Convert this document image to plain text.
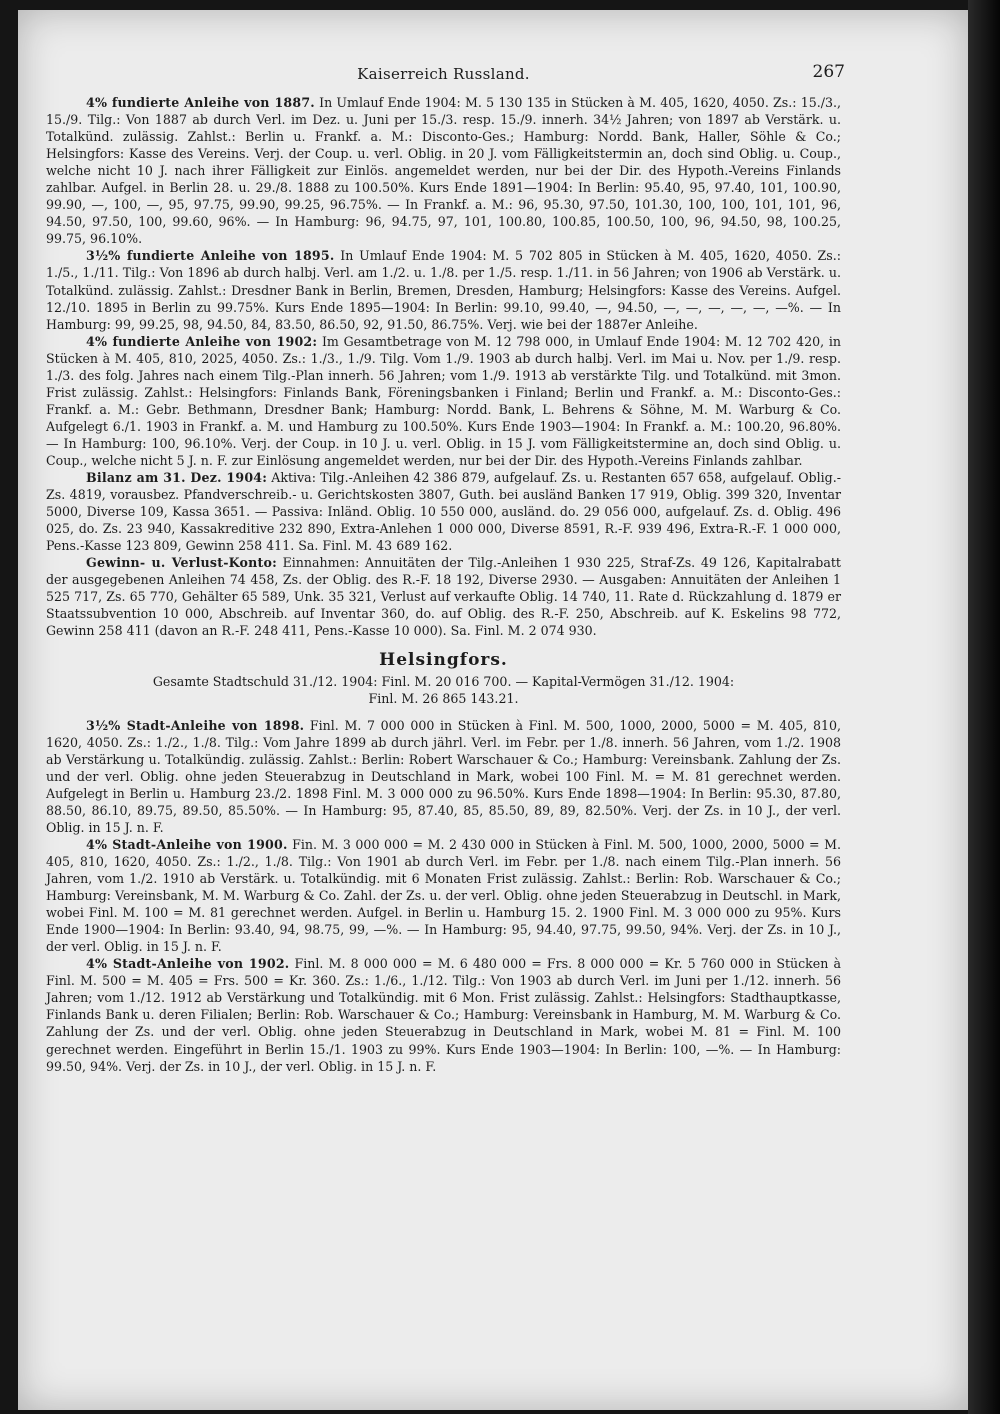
Kaiserreich Russland.	267

4% fundierte Anleihe von 1887. In Umlauf Ende 1904: M. 5 130 135 in Stücken à M. 405, 1620, 4050. Zs.: 15./3., 15./9. Tilg.: Von 1887 ab durch Verl. im Dez. u. Juni per 15./3. resp. 15./9. innerh. 34½ Jahren; von 1897 ab Verstärk. u. Totalkünd. zulässig. Zahlst.: Berlin u. Frankf. a. M.: Disconto-Ges.; Hamburg: Nordd. Bank, Haller, Söhle & Co.; Helsingfors: Kasse des Vereins. Verj. der Coup. u. verl. Oblig. in 20 J. vom Fälligkeitstermin an, doch sind Oblig. u. Coup., welche nicht 10 J. nach ihrer Fälligkeit zur Einlös. angemeldet werden, nur bei der Dir. des Hypoth.-Vereins Finlands zahlbar. Aufgel. in Berlin 28. u. 29./8. 1888 zu 100.50%. Kurs Ende 1891—1904: In Berlin: 95.40, 95, 97.40, 101, 100.90, 99.90, —, 100, —, 95, 97.75, 99.90, 99.25, 96.75%. — In Frankf. a. M.: 96, 95.30, 97.50, 101.30, 100, 100, 101, 101, 96, 94.50, 97.50, 100, 99.60, 96%. — In Hamburg: 96, 94.75, 97, 101, 100.80, 100.85, 100.50, 100, 96, 94.50, 98, 100.25, 99.75, 96.10%.

3½% fundierte Anleihe von 1895. In Umlauf Ende 1904: M. 5 702 805 in Stücken à M. 405, 1620, 4050. Zs.: 1./5., 1./11. Tilg.: Von 1896 ab durch halbj. Verl. am 1./2. u. 1./8. per 1./5. resp. 1./11. in 56 Jahren; von 1906 ab Verstärk. u. Totalkünd. zulässig. Zahlst.: Dresdner Bank in Berlin, Bremen, Dresden, Hamburg; Helsingfors: Kasse des Vereins. Aufgel. 12./10. 1895 in Berlin zu 99.75%. Kurs Ende 1895—1904: In Berlin: 99.10, 99.40, —, 94.50, —, —, —, —, —, —%. — In Hamburg: 99, 99.25, 98, 94.50, 84, 83.50, 86.50, 92, 91.50, 86.75%. Verj. wie bei der 1887er Anleihe.

4% fundierte Anleihe von 1902: Im Gesamtbetrage von M. 12 798 000, in Umlauf Ende 1904: M. 12 702 420, in Stücken à M. 405, 810, 2025, 4050. Zs.: 1./3., 1./9. Tilg. Vom 1./9. 1903 ab durch halbj. Verl. im Mai u. Nov. per 1./9. resp. 1./3. des folg. Jahres nach einem Tilg.-Plan innerh. 56 Jahren; vom 1./9. 1913 ab verstärkte Tilg. und Totalkünd. mit 3mon. Frist zulässig. Zahlst.: Helsingfors: Finlands Bank, Föreningsbanken i Finland; Berlin und Frankf. a. M.: Disconto-Ges.: Frankf. a. M.: Gebr. Bethmann, Dresdner Bank; Hamburg: Nordd. Bank, L. Behrens & Söhne, M. M. Warburg & Co. Aufgelegt 6./1. 1903 in Frankf. a. M. und Hamburg zu 100.50%. Kurs Ende 1903—1904: In Frankf. a. M.: 100.20, 96.80%. — In Hamburg: 100, 96.10%. Verj. der Coup. in 10 J. u. verl. Oblig. in 15 J. vom Fälligkeitstermine an, doch sind Oblig. u. Coup., welche nicht 5 J. n. F. zur Einlösung angemeldet werden, nur bei der Dir. des Hypoth.-Vereins Finlands zahlbar.

Bilanz am 31. Dez. 1904: Aktiva: Tilg.-Anleihen 42 386 879, aufgelauf. Zs. u. Restanten 657 658, aufgelauf. Oblig.-Zs. 4819, vorausbez. Pfandverschreib.- u. Gerichtskosten 3807, Guth. bei ausländ Banken 17 919, Oblig. 399 320, Inventar 5000, Diverse 109, Kassa 3651. — Passiva: Inländ. Oblig. 10 550 000, ausländ. do. 29 056 000, aufgelauf. Zs. d. Oblig. 496 025, do. Zs. 23 940, Kassakreditive 232 890, Extra-Anlehen 1 000 000, Diverse 8591, R.-F. 939 496, Extra-R.-F. 1 000 000, Pens.-Kasse 123 809, Gewinn 258 411. Sa. Finl. M. 43 689 162.

Gewinn- u. Verlust-Konto: Einnahmen: Annuitäten der Tilg.-Anleihen 1 930 225, Straf-Zs. 49 126, Kapitalrabatt der ausgegebenen Anleihen 74 458, Zs. der Oblig. des R.-F. 18 192, Diverse 2930. — Ausgaben: Annuitäten der Anleihen 1 525 717, Zs. 65 770, Gehälter 65 589, Unk. 35 321, Verlust auf verkaufte Oblig. 14 740, 11. Rate d. Rückzahlung d. 1879 er Staatssubvention 10 000, Abschreib. auf Inventar 360, do. auf Oblig. des R.-F. 250, Abschreib. auf K. Eskelins 98 772, Gewinn 258 411 (davon an R.-F. 248 411, Pens.-Kasse 10 000). Sa. Finl. M. 2 074 930.

Helsingfors.
Gesamte Stadtschuld 31./12. 1904: Finl. M. 20 016 700. — Kapital-Vermögen 31./12. 1904:
Finl. M. 26 865 143.21.

3½% Stadt-Anleihe von 1898. Finl. M. 7 000 000 in Stücken à Finl. M. 500, 1000, 2000, 5000 = M. 405, 810, 1620, 4050. Zs.: 1./2., 1./8. Tilg.: Vom Jahre 1899 ab durch jährl. Verl. im Febr. per 1./8. innerh. 56 Jahren, vom 1./2. 1908 ab Verstärkung u. Totalkündig. zulässig. Zahlst.: Berlin: Robert Warschauer & Co.; Hamburg: Vereinsbank. Zahlung der Zs. und der verl. Oblig. ohne jeden Steuerabzug in Deutschland in Mark, wobei 100 Finl. M. = M. 81 gerechnet werden. Aufgelegt in Berlin u. Hamburg 23./2. 1898 Finl. M. 3 000 000 zu 96.50%. Kurs Ende 1898—1904: In Berlin: 95.30, 87.80, 88.50, 86.10, 89.75, 89.50, 85.50%. — In Hamburg: 95, 87.40, 85, 85.50, 89, 89, 82.50%. Verj. der Zs. in 10 J., der verl. Oblig. in 15 J. n. F.

4% Stadt-Anleihe von 1900. Fin. M. 3 000 000 = M. 2 430 000 in Stücken à Finl. M. 500, 1000, 2000, 5000 = M. 405, 810, 1620, 4050. Zs.: 1./2., 1./8. Tilg.: Von 1901 ab durch Verl. im Febr. per 1./8. nach einem Tilg.-Plan innerh. 56 Jahren, vom 1./2. 1910 ab Verstärk. u. Totalkündig. mit 6 Monaten Frist zulässig. Zahlst.: Berlin: Rob. Warschauer & Co.; Hamburg: Vereinsbank, M. M. Warburg & Co. Zahl. der Zs. u. der verl. Oblig. ohne jeden Steuerabzug in Deutschl. in Mark, wobei Finl. M. 100 = M. 81 gerechnet werden. Aufgel. in Berlin u. Hamburg 15. 2. 1900 Finl. M. 3 000 000 zu 95%. Kurs Ende 1900—1904: In Berlin: 93.40, 94, 98.75, 99, —%. — In Hamburg: 95, 94.40, 97.75, 99.50, 94%. Verj. der Zs. in 10 J., der verl. Oblig. in 15 J. n. F.

4% Stadt-Anleihe von 1902. Finl. M. 8 000 000 = M. 6 480 000 = Frs. 8 000 000 = Kr. 5 760 000 in Stücken à Finl. M. 500 = M. 405 = Frs. 500 = Kr. 360. Zs.: 1./6., 1./12. Tilg.: Von 1903 ab durch Verl. im Juni per 1./12. innerh. 56 Jahren; vom 1./12. 1912 ab Verstärkung und Totalkündig. mit 6 Mon. Frist zulässig. Zahlst.: Helsingfors: Stadthauptkasse, Finlands Bank u. deren Filialen; Berlin: Rob. Warschauer & Co.; Hamburg: Vereinsbank in Hamburg, M. M. Warburg & Co. Zahlung der Zs. und der verl. Oblig. ohne jeden Steuerabzug in Deutschland in Mark, wobei M. 81 = Finl. M. 100 gerechnet werden. Eingeführt in Berlin 15./1. 1903 zu 99%. Kurs Ende 1903—1904: In Berlin: 100, —%. — In Hamburg: 99.50, 94%. Verj. der Zs. in 10 J., der verl. Oblig. in 15 J. n. F.
